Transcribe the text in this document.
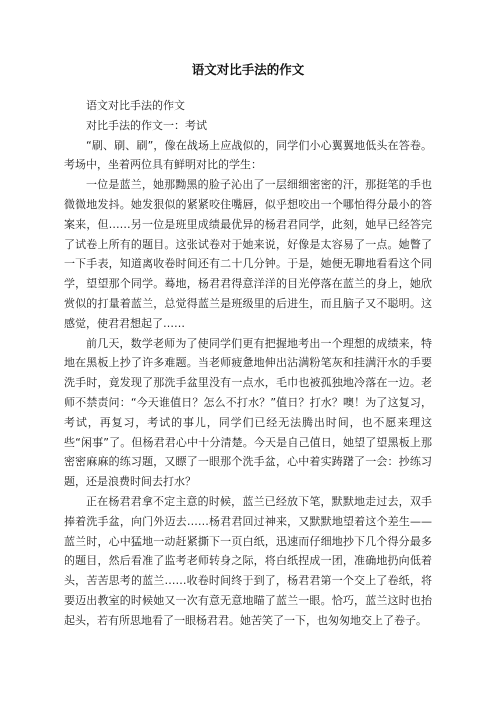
语文对比手法的作文

语文对比手法的作文

对比手法的作文一：考试

“刷、刷、刷”，像在战场上应战似的，同学们小心翼翼地低头在答卷。考场中，坐着两位具有鲜明对比的学生：

一位是蓝兰，她那黝黑的脸子沁出了一层细细密密的汗，那挺笔的手也微微地发抖。她发狠似的紧紧咬住嘴唇，似乎想咬出一个哪怕得分最小的答案来，但……另一位是班里成绩最优异的杨君君同学，此刻，她早已经答完了试卷上所有的题目。这张试卷对于她来说，好像是太容易了一点。她瞥了一下手表，知道离收卷时间还有二十几分钟。于是，她便无聊地看看这个同学，望望那个同学。蓦地，杨君君得意洋洋的目光停落在蓝兰的身上，她欣赏似的打量着蓝兰，总觉得蓝兰是班级里的后进生，而且脑子又不聪明。这感觉，使君君想起了……

前几天，数学老师为了使同学们更有把握地考出一个理想的成绩来，特地在黑板上抄了许多难题。当老师疲惫地伸出沾满粉笔灰和挂满汗水的手要洗手时，竟发现了那洗手盆里没有一点水，毛巾也被孤独地冷落在一边。老师不禁责问：“今天谁值日？怎么不打水？”值日？打水？噢！为了这复习，考试，再复习，考试的事儿，同学们已经无法腾出时间，也不愿来理这些“闲事”了。但杨君君心中十分清楚。今天是自己值日，她望了望黑板上那密密麻麻的练习题，又瞟了一眼那个洗手盆，心中着实踌躇了一会：抄练习题，还是浪费时间去打水？

正在杨君君拿不定主意的时候，蓝兰已经放下笔，默默地走过去，双手捧着洗手盆，向门外迈去……杨君君回过神来，又默默地望着这个差生——蓝兰时，心中猛地一动赶紧撕下一页白纸，迅速而仔细地抄下几个得分最多的题目，然后看准了监考老师转身之际，将白纸捏成一团，准确地扔向低着头，苦苦思考的蓝兰……收卷时间终于到了，杨君君第一个交上了卷纸，将要迈出教室的时候她又一次有意无意地瞄了蓝兰一眼。恰巧，蓝兰这时也抬起头，若有所思地看了一眼杨君君。她苦笑了一下，也匆匆地交上了卷子。
